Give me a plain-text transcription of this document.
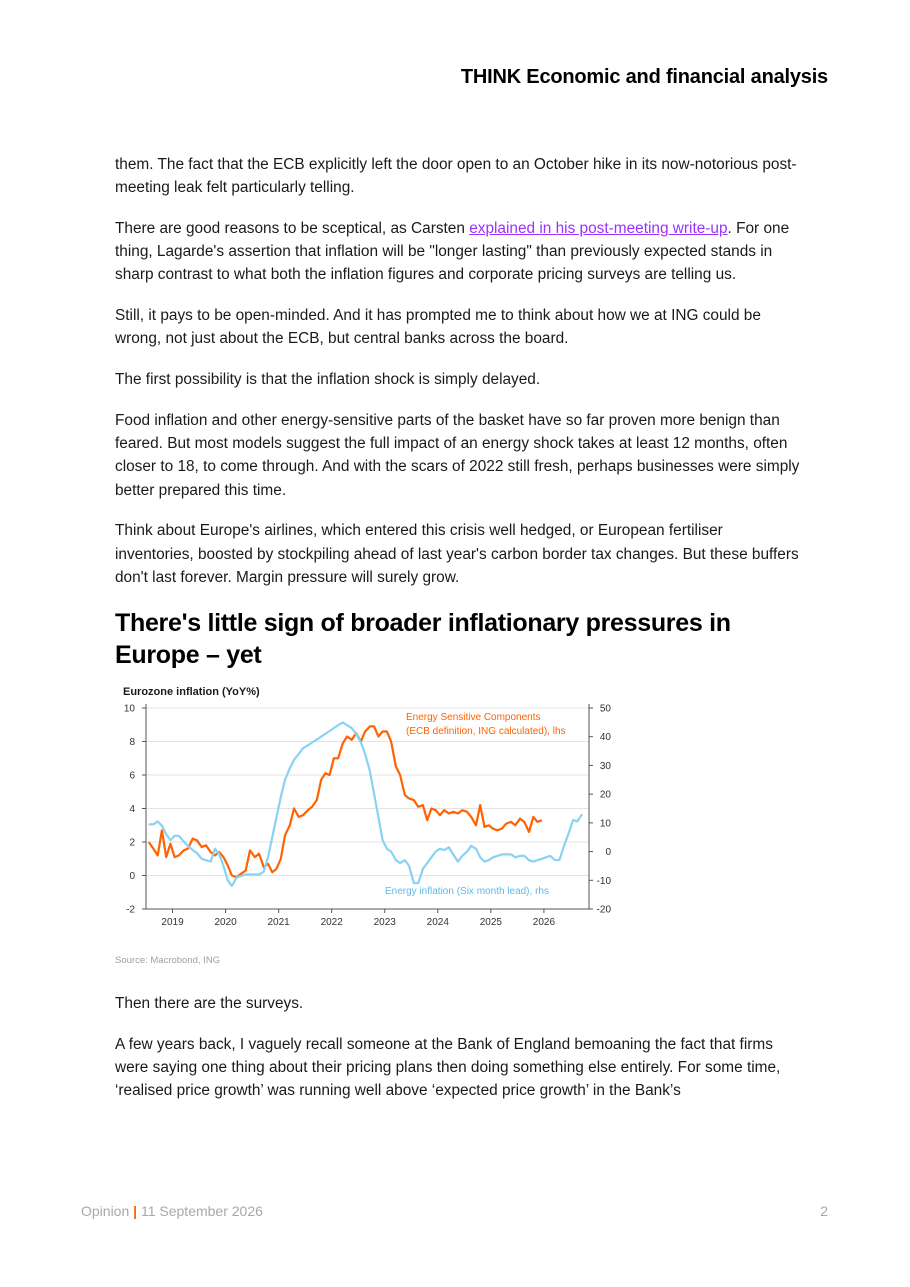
THINK Economic and financial analysis

them. The fact that the ECB explicitly left the door open to an October hike in its now-notorious post-meeting leak felt particularly telling.

There are good reasons to be sceptical, as Carsten explained in his post-meeting write-up. For one thing, Lagarde's assertion that inflation will be "longer lasting" than previously expected stands in sharp contrast to what both the inflation figures and corporate pricing surveys are telling us.

Still, it pays to be open-minded. And it has prompted me to think about how we at ING could be wrong, not just about the ECB, but central banks across the board.

The first possibility is that the inflation shock is simply delayed.

Food inflation and other energy-sensitive parts of the basket have so far proven more benign than feared. But most models suggest the full impact of an energy shock takes at least 12 months, often closer to 18, to come through. And with the scars of 2022 still fresh, perhaps businesses were simply better prepared this time.

Think about Europe's airlines, which entered this crisis well hedged, or European fertiliser inventories, boosted by stockpiling ahead of last year's carbon border tax changes. But these buffers don't last forever. Margin pressure will surely grow.

There's little sign of broader inflationary pressures in Europe – yet
Eurozone inflation (YoY%)
-2
0
2
4
6
8
10
-20
-10
0
10
20
30
40
50
2019	2020	2021	2022	2023	2024	2025	2026
Energy Sensitive Components
(ECB definition, ING calculated), lhs
Energy inflation (Six month lead), rhs
Source: Macrobond, ING

Then there are the surveys.

A few years back, I vaguely recall someone at the Bank of England bemoaning the fact that firms were saying one thing about their pricing plans then doing something else entirely. For some time, ‘realised price growth’ was running well above ‘expected price growth’ in the Bank’s

Opinion | 11 September 2026	2
